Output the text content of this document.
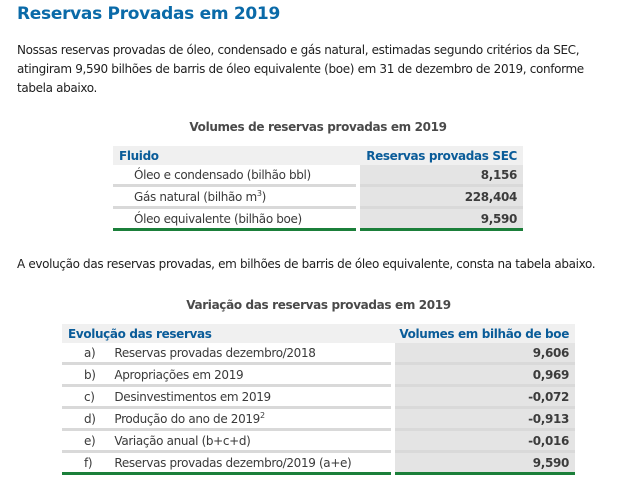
Reservas Provadas em 2019
Nossas reservas provadas de óleo, condensado e gás natural, estimadas segundo critérios da SEC, atingiram 9,590 bilhões de barris de óleo equivalente (boe) em 31 de dezembro de 2019, conforme tabela abaixo.
Volumes de reservas provadas em 2019
Fluido	Reservas provadas SEC
Óleo e condensado (bilhão bbl)	8,156
Gás natural (bilhão $m^3$)	228,404
Óleo equivalente (bilhão boe)	9,590
A evolução das reservas provadas, em bilhões de barris de óleo equivalente, consta na tabela abaixo.
Variação das reservas provadas em 2019
Evolução das reservas		Volumes em bilhão de boe
a)	Reservas provadas dezembro/2018	9,606
b)	Apropriações em 2019	0,969
c)	Desinvestimentos em 2019	-0,072
d)	Produção do ano de 2019$^2$	-0,913
e)	Variação anual (b+c+d)	-0,016
f)	Reservas provadas dezembro/2019 (a+e)	9,590
